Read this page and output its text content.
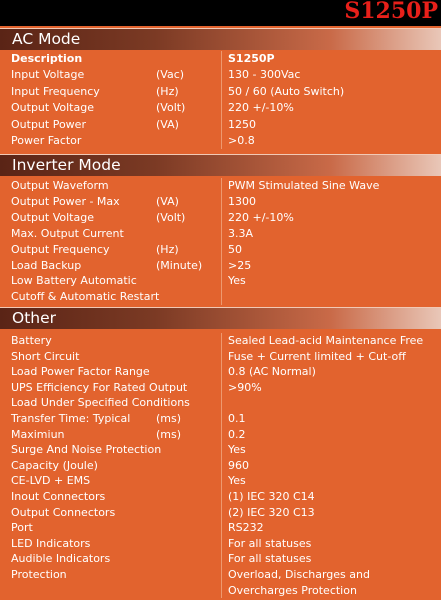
S1250P
AC Mode
Description	S1250P
Input Voltage	(Vac)	130 - 300Vac
Input Frequency	(Hz)	50 / 60 (Auto Switch)
Output Voltage	(Volt)	220 +/-10%
Output Power	(VA)	1250
Power Factor	>0.8
Inverter Mode
Output Waveform	PWM Stimulated Sine Wave
Output Power - Max	(VA)	1300
Output Voltage	(Volt)	220 +/-10%
Max. Output Current	3.3A
Output Frequency	(Hz)	50
Load Backup	(Minute) >25
Low Battery Automatic	Yes
Cutoff & Automatic Restart
Other
Battery	Sealed Lead-acid Maintenance Free
Short Circuit	Fuse + Current limited + Cut-off
Load Power Factor Range	0.8 (AC Normal)
UPS Efficiency For Rated Output	>90%
Load Under Specified Conditions
Transfer Time: Typical (ms)	0.1
Maximiun	(ms)	0.2
Surge And Noise Protection	Yes
Capacity (Joule)	960
CE-LVD + EMS	Yes
Inout Connectors	(1) IEC 320 C14
Output Connectors	(2) IEC 320 C13
Port	RS232
LED Indicators	For all statuses
Audible Indicators	For all statuses
Protection	Overload, Discharges and
Overcharges Protection
